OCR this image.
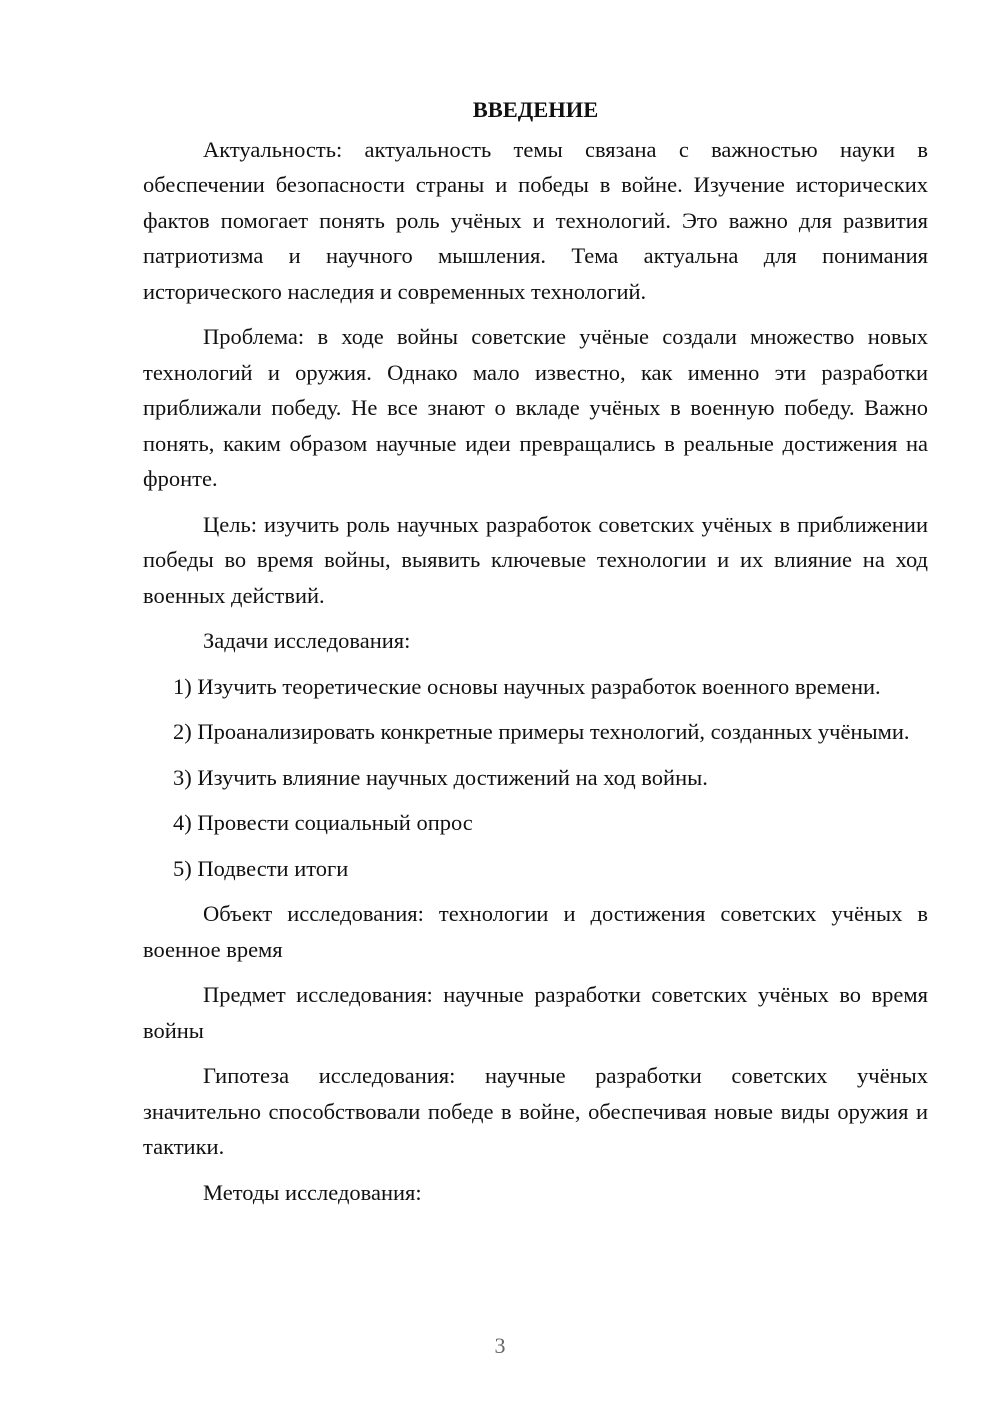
ВВЕДЕНИЕ

Актуальность: актуальность темы связана с важностью науки в обеспечении безопасности страны и победы в войне. Изучение исторических фактов помогает понять роль учёных и технологий. Это важно для развития патриотизма и научного мышления. Тема актуальна для понимания исторического наследия и современных технологий.

Проблема: в ходе войны советские учёные создали множество новых технологий и оружия. Однако мало известно, как именно эти разработки приближали победу. Не все знают о вкладе учёных в военную победу. Важно понять, каким образом научные идеи превращались в реальные достижения на фронте.

Цель: изучить роль научных разработок советских учёных в приближении победы во время войны, выявить ключевые технологии и их влияние на ход военных действий.

Задачи исследования:

1) Изучить теоретические основы научных разработок военного времени.

2) Проанализировать конкретные примеры технологий, созданных учёными.

3) Изучить влияние научных достижений на ход войны.

4) Провести социальный опрос

5) Подвести итоги

Объект исследования: технологии и достижения советских учёных в военное время

Предмет исследования: научные разработки советских учёных во время войны

Гипотеза исследования: научные разработки советских учёных значительно способствовали победе в войне, обеспечивая новые виды оружия и тактики.

Методы исследования:

3
